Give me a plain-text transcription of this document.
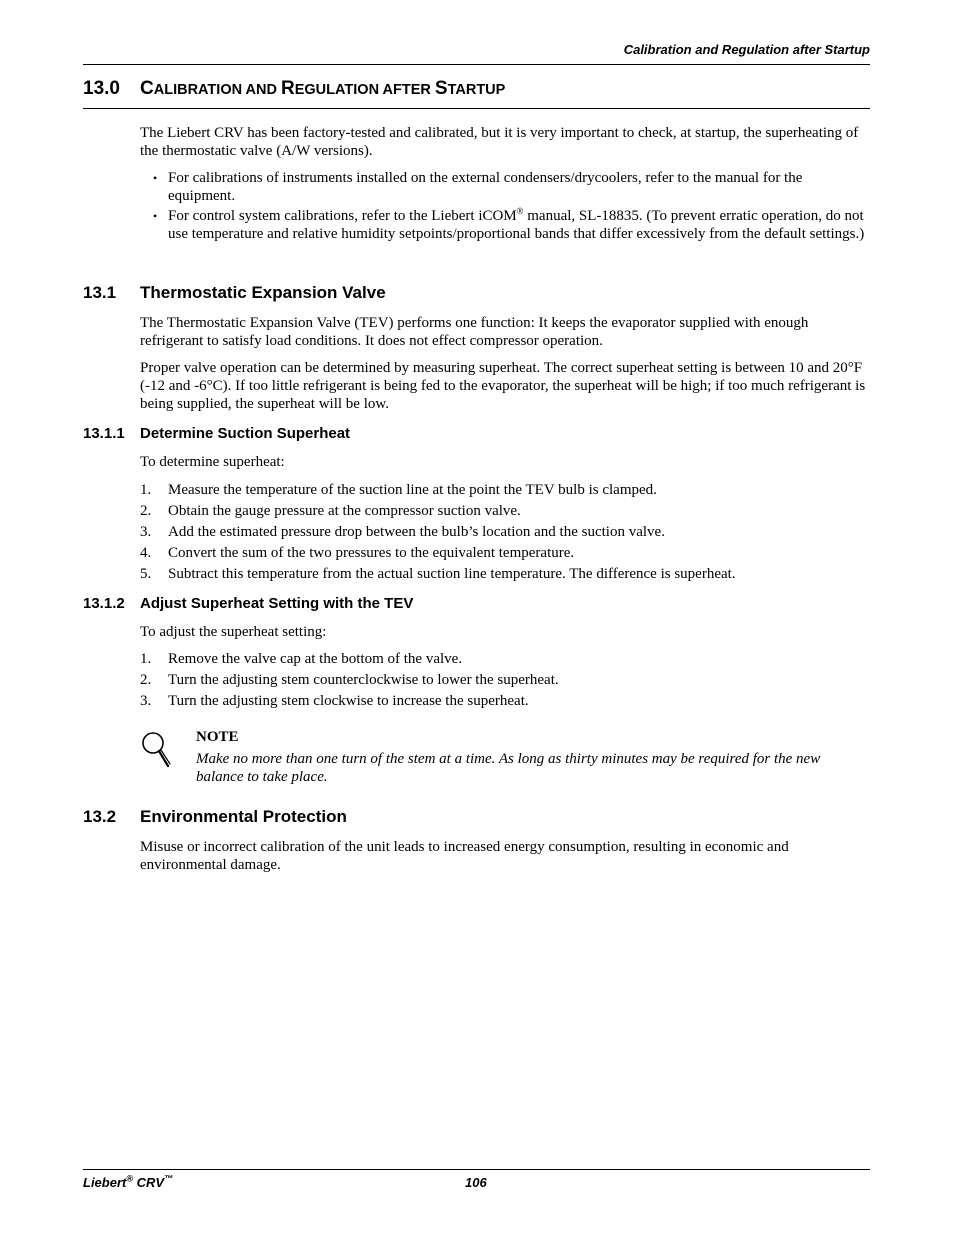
Calibration and Regulation after Startup
13.0 CALIBRATION AND REGULATION AFTER STARTUP
The Liebert CRV has been factory-tested and calibrated, but it is very important to check, at startup, the superheating of the thermostatic valve (A/W versions).
• For calibrations of instruments installed on the external condensers/drycoolers, refer to the manual for the equipment.
• For control system calibrations, refer to the Liebert iCOM® manual, SL-18835. (To prevent erratic operation, do not use temperature and relative humidity setpoints/proportional bands that differ excessively from the default settings.)
13.1 Thermostatic Expansion Valve
The Thermostatic Expansion Valve (TEV) performs one function: It keeps the evaporator supplied with enough refrigerant to satisfy load conditions. It does not effect compressor operation.
Proper valve operation can be determined by measuring superheat. The correct superheat setting is between 10 and 20°F (-12 and -6°C). If too little refrigerant is being fed to the evaporator, the superheat will be high; if too much refrigerant is being supplied, the superheat will be low.
13.1.1 Determine Suction Superheat
To determine superheat:
1. Measure the temperature of the suction line at the point the TEV bulb is clamped.
2. Obtain the gauge pressure at the compressor suction valve.
3. Add the estimated pressure drop between the bulb’s location and the suction valve.
4. Convert the sum of the two pressures to the equivalent temperature.
5. Subtract this temperature from the actual suction line temperature. The difference is superheat.
13.1.2 Adjust Superheat Setting with the TEV
To adjust the superheat setting:
1. Remove the valve cap at the bottom of the valve.
2. Turn the adjusting stem counterclockwise to lower the superheat.
3. Turn the adjusting stem clockwise to increase the superheat.
NOTE
Make no more than one turn of the stem at a time. As long as thirty minutes may be required for the new balance to take place.
13.2 Environmental Protection
Misuse or incorrect calibration of the unit leads to increased energy consumption, resulting in economic and environmental damage.
Liebert® CRV™	106
